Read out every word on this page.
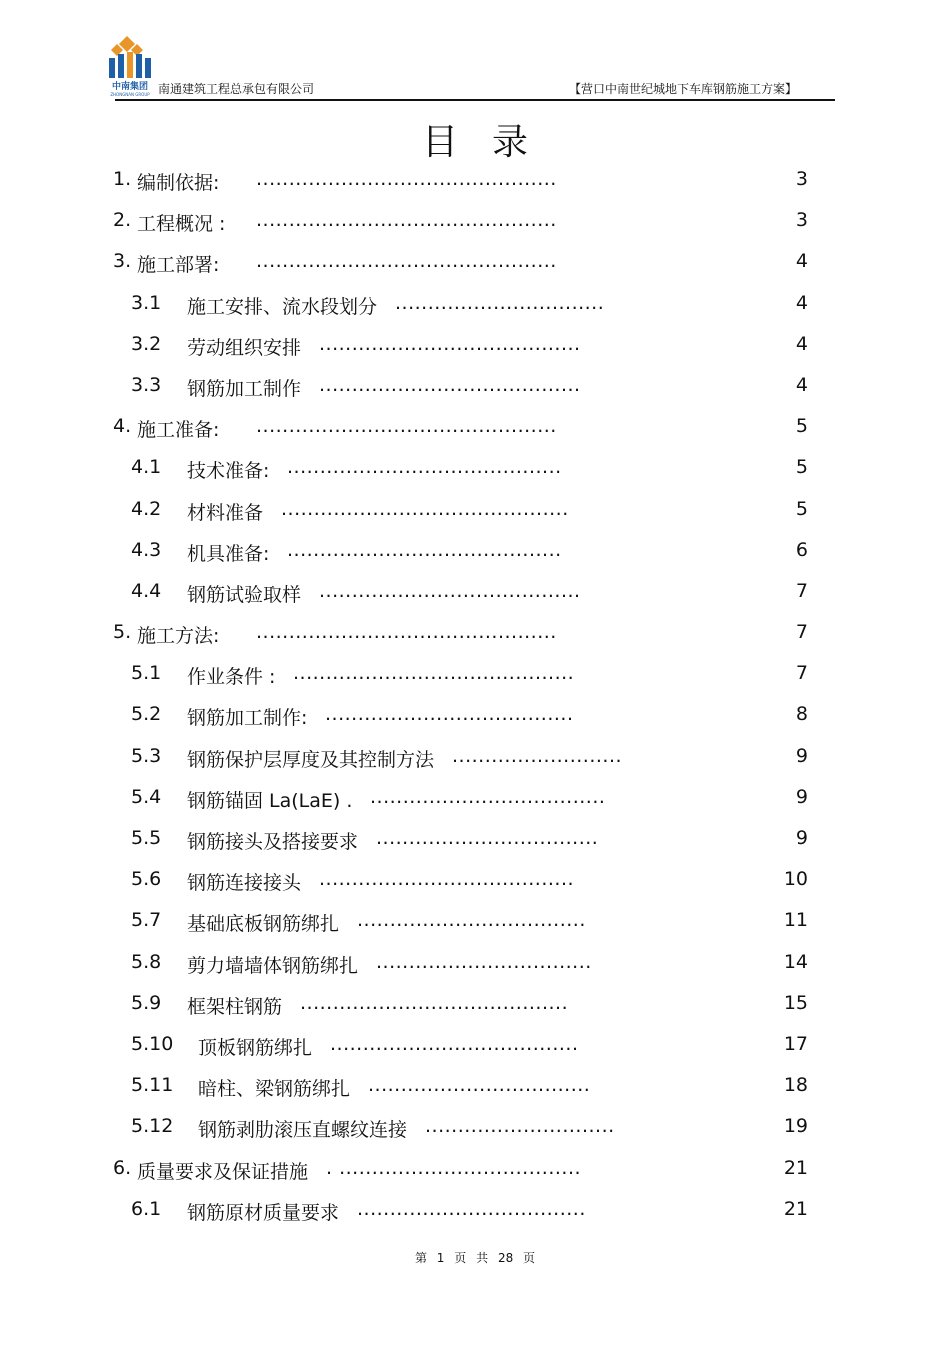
中南集团
ZHONGNAN GROUP 南通建筑工程总承包有限公司	【营口中南世纪城地下车库钢筋施工方案】
目录
1. 编制依据: ..............................................	3
2. 工程概况 : ..............................................	3
3. 施工部署: ..............................................	4
3.1 施工安排、流水段划分 ................................	4
3.2 劳动组织安排 ........................................	4
3.3 钢筋加工制作 ........................................	4
4. 施工准备: ..............................................	5
4.1 技术准备: ..........................................	5
4.2 材料准备 ............................................	5
4.3 机具准备: ..........................................	6
4.4 钢筋试验取样 ........................................	7
5. 施工方法: ..............................................	7
5.1 作业条件 : ...........................................	7
5.2 钢筋加工制作: ......................................	8
5.3 钢筋保护层厚度及其控制方法 ..........................	9
5.4 钢筋锚固 La(LaE) . ....................................	9
5.5 钢筋接头及搭接要求 ..................................	9
5.6 钢筋连接接头 .......................................	10
5.7 基础底板钢筋绑扎 ...................................	11
5.8 剪力墙墙体钢筋绑扎 .................................	14
5.9 框架柱钢筋 .........................................	15
5.10 顶板钢筋绑扎 ......................................	17
5.11 暗柱、梁钢筋绑扎 ..................................	18
5.12 钢筋剥肋滚压直螺纹连接 .............................	19
6. 质量要求及保证措施 . .....................................	21
6.1 钢筋原材质量要求 ...................................	21
第 1 页 共 28 页
